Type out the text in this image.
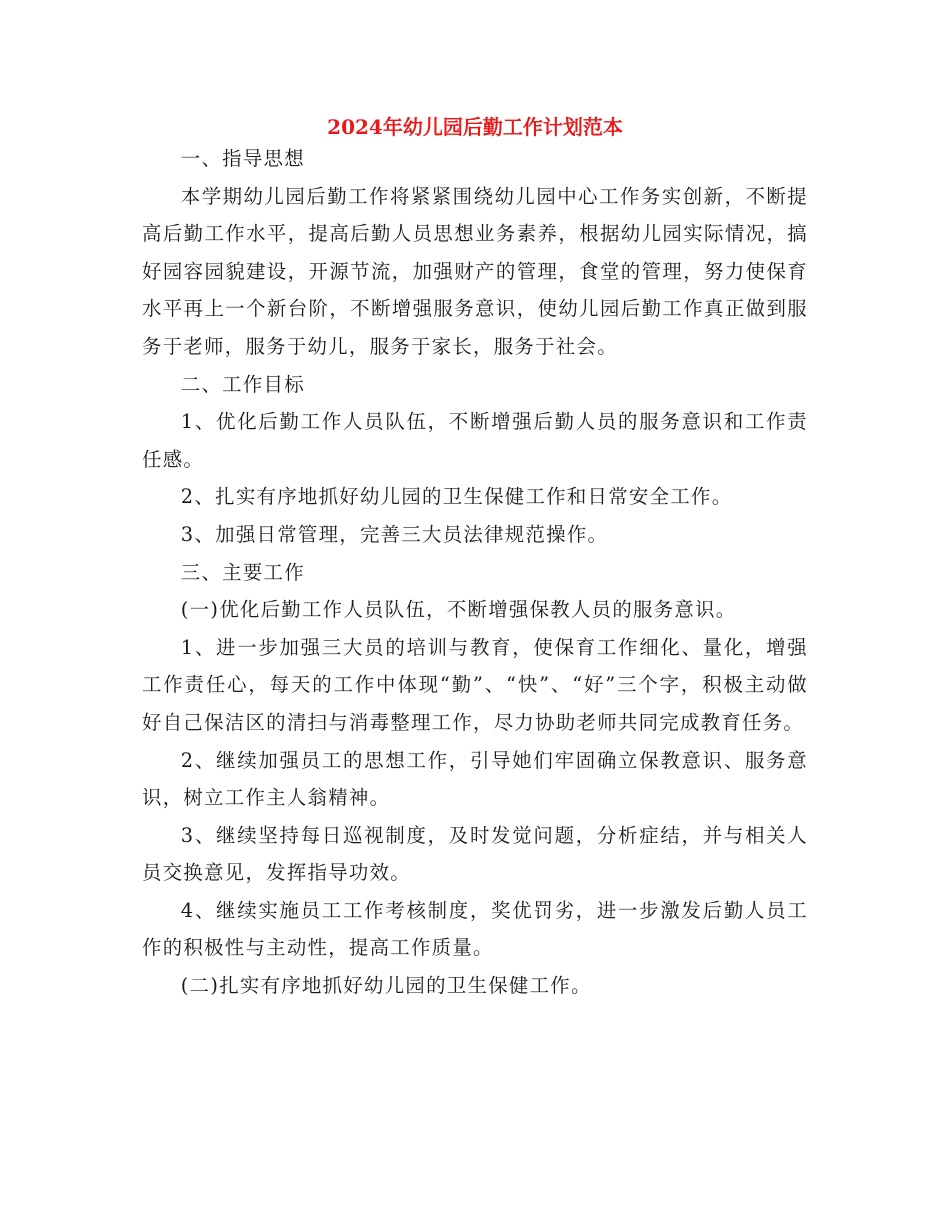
2024年幼儿园后勤工作计划范本

一、指导思想

本学期幼儿园后勤工作将紧紧围绕幼儿园中心工作务实创新，不断提高后勤工作水平，提高后勤人员思想业务素养，根据幼儿园实际情况，搞好园容园貌建设，开源节流，加强财产的管理，食堂的管理，努力使保育水平再上一个新台阶，不断增强服务意识，使幼儿园后勤工作真正做到服务于老师，服务于幼儿，服务于家长，服务于社会。

二、工作目标

1、优化后勤工作人员队伍，不断增强后勤人员的服务意识和工作责任感。

2、扎实有序地抓好幼儿园的卫生保健工作和日常安全工作。

3、加强日常管理，完善三大员法律规范操作。

三、主要工作

(一)优化后勤工作人员队伍，不断增强保教人员的服务意识。

1、进一步加强三大员的培训与教育，使保育工作细化、量化，增强工作责任心，每天的工作中体现“勤”、“快”、“好”三个字，积极主动做好自己保洁区的清扫与消毒整理工作，尽力协助老师共同完成教育任务。

2、继续加强员工的思想工作，引导她们牢固确立保教意识、服务意识，树立工作主人翁精神。

3、继续坚持每日巡视制度，及时发觉问题，分析症结，并与相关人员交换意见，发挥指导功效。

4、继续实施员工工作考核制度，奖优罚劣，进一步激发后勤人员工作的积极性与主动性，提高工作质量。

(二)扎实有序地抓好幼儿园的卫生保健工作。
